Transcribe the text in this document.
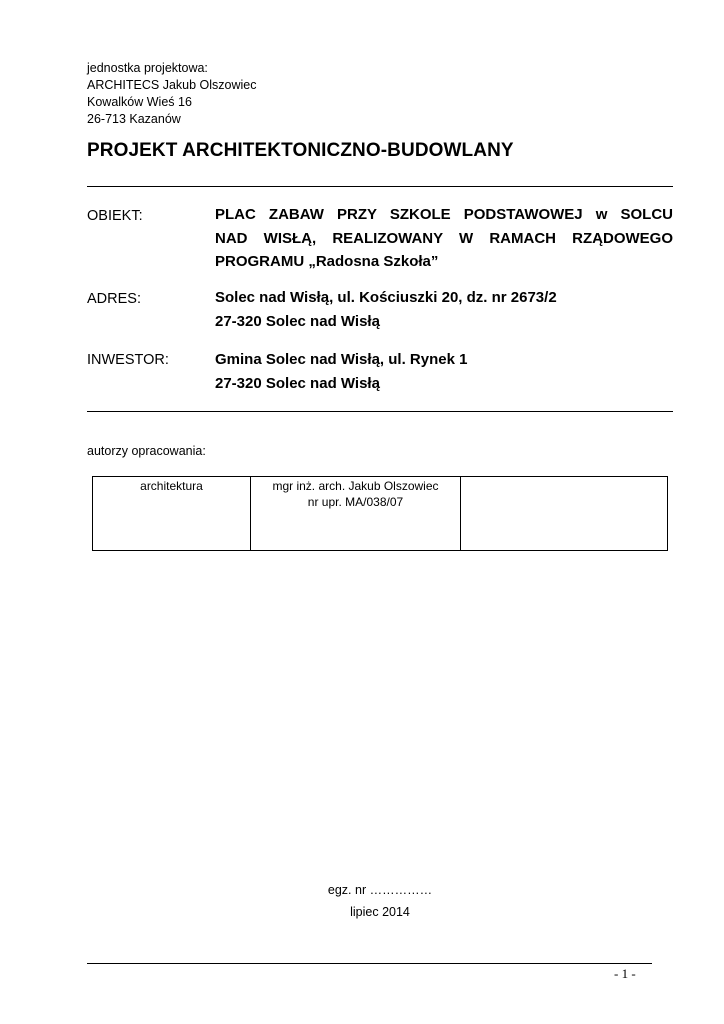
jednostka projektowa:
ARCHITECS Jakub Olszowiec
Kowalków Wieś 16
26-713 Kazanów
PROJEKT ARCHITEKTONICZNO-BUDOWLANY
OBIEKT:	PLAC ZABAW PRZY SZKOLE PODSTAWOWEJ w SOLCU
NAD WISŁĄ, REALIZOWANY W RAMACH RZĄDOWEGO
PROGRAMU „Radosna Szkoła”
ADRES:	Solec nad Wisłą, ul. Kościuszki 20, dz. nr 2673/2
27-320 Solec nad Wisłą
INWESTOR:	Gmina Solec nad Wisłą, ul. Rynek 1
27-320 Solec nad Wisłą
autorzy opracowania:
architektura	mgr inż. arch. Jakub Olszowiec
nr upr. MA/038/07
egz. nr ……………
lipiec 2014
- 1 -
